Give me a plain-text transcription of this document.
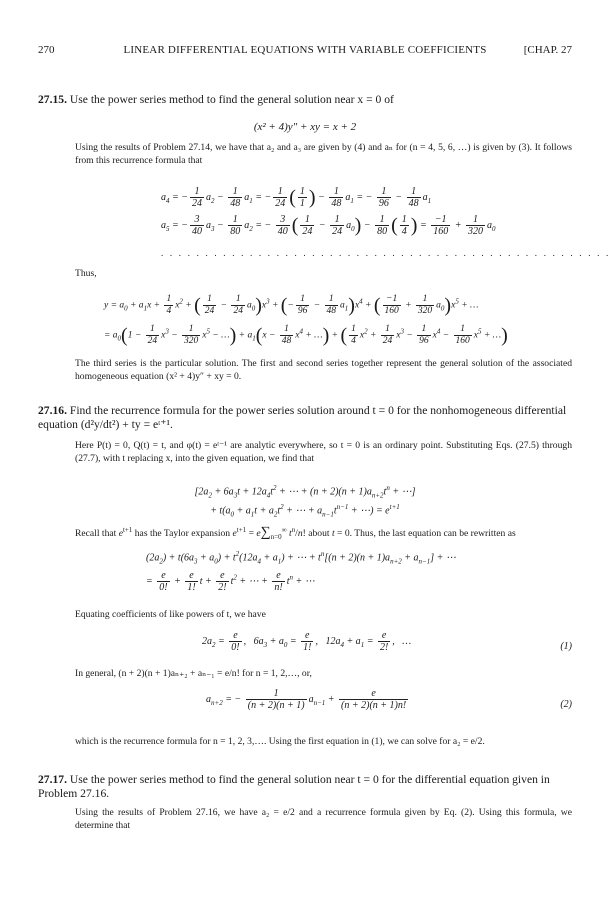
270	LINEAR DIFFERENTIAL EQUATIONS WITH VARIABLE COEFFICIENTS	[CHAP. 27
27.15. Use the power series method to find the general solution near x = 0 of
(x² + 4)y″ + xy = x + 2
Using the results of Problem 27.14, we have that a₂ and a₃ are given by (4) and aₙ for (n = 4, 5, 6, …) is given by (3). It follows from this recurrence formula that
$a_4$ = − $\frac{1}{24} a_2 - \frac{1}{48} a_1$ = − $\frac{1}{24}$ ( $\frac{1}{1}$ ) − $\frac{1}{48} a_1$ = − $\frac{1}{96} - \frac{1}{48} a_1$
$a_5$ = − $\frac{3}{40} a_3 - \frac{1}{80} a_2$ = − $\frac{3}{40}$ ( $\frac{1}{24} - \frac{1}{24} a_0) - \frac{1}{80}$ ( $\frac{1}{4}$ ) = $\frac{-1}{160} + \frac{1}{320} a_0$
. . . . . . . . . . . . . . . . . . . . . . . . . . . . . . . . . . . . . . . . . . . . . . . . . . .
Thus,
$y = a_0 + a_1x + \frac{1}{4} x^2$ + ( $\frac{1}{24} - \frac{1}{24} a_0)x^3$ + (− $\frac{1}{96} - \frac{1}{48} a_1)x^4$ + ( $\frac{-1}{160} + \frac{1}{320} a_0)x^5$ + …
= $a_0(1 - \frac{1}{24} x^3 - \frac{1}{320} x^5$ − …) + $a_1(x - \frac{1}{48} x^4$ + …) + ( $\frac{1}{4} x^2 + \frac{1}{24} x^3 - \frac{1}{96} x^4 - \frac{1}{160} x^5$ + …)
The third series is the particular solution. The first and second series together represent the general solution of the associated homogeneous equation (x² + 4)y″ + xy = 0.
27.16. Find the recurrence formula for the power series solution around t = 0 for the nonhomogeneous differential equation (d²y/dt²) + ty = eᵗ⁺¹.
Here P(t) = 0, Q(t) = t, and φ(t) = eᵗ⁻¹ are analytic everywhere, so t = 0 is an ordinary point. Substituting Eqs. (27.5) through (27.7), with t replacing x, into the given equation, we find that
[$2a_2 + 6a_3t + 12a_4t^2$ + ⋯ + $(n + 2)(n + 1)a_{n+2}t^n$ + ⋯]
+ $t(a_0 + a_1t + a_2t^2$ + ⋯ + $a_{n-1}t^{n-1}$ + ⋯) = $e^{t+1}$
Recall that $e^{t+1}$ has the Taylor expansion $e^{t+1} = e\sum_{n=0}^\infty$ $t^n/n$! about t = 0. Thus, the last equation can be rewritten as
$(2a_2) + t(6a_3 + a_0) + t^2(12a_4 + a_1)$ + ⋯ + $t^n[(n + 2)(n + 1)a_{n+2} + a_{n-1}]$ + ⋯
= $\frac{e}{0!} + \frac{e}{1!}$ $t + \frac{e}{2!} t^2$ + ⋯ + $\frac{e}{n!} t^n$ + ⋯
Equating coefficients of like powers of t, we have
$2a_2 = \frac{e}{0!}$ ,   $6a_3 + a_0 = \frac{e}{1!}$ ,   $12a_4 + a_1 = \frac{e}{2!}$ ,   …	(1)
In general, (n + 2)(n + 1)aₙ₊₂ + aₙ₋₁ = e/n! for n = 1, 2,…, or,
$a_{n+2}$ = − $\frac{1}{(n + 2)(n + 1)} a_{n-1} + \frac{e}{(n + 2)(n + 1)n!}$	(2)
which is the recurrence formula for n = 1, 2, 3,…. Using the first equation in (1), we can solve for a₂ = e/2.
27.17. Use the power series method to find the general solution near t = 0 for the differential equation given in Problem 27.16.
Using the results of Problem 27.16, we have a₂ = e/2 and a recurrence formula given by Eq. (2). Using this formula, we determine that
